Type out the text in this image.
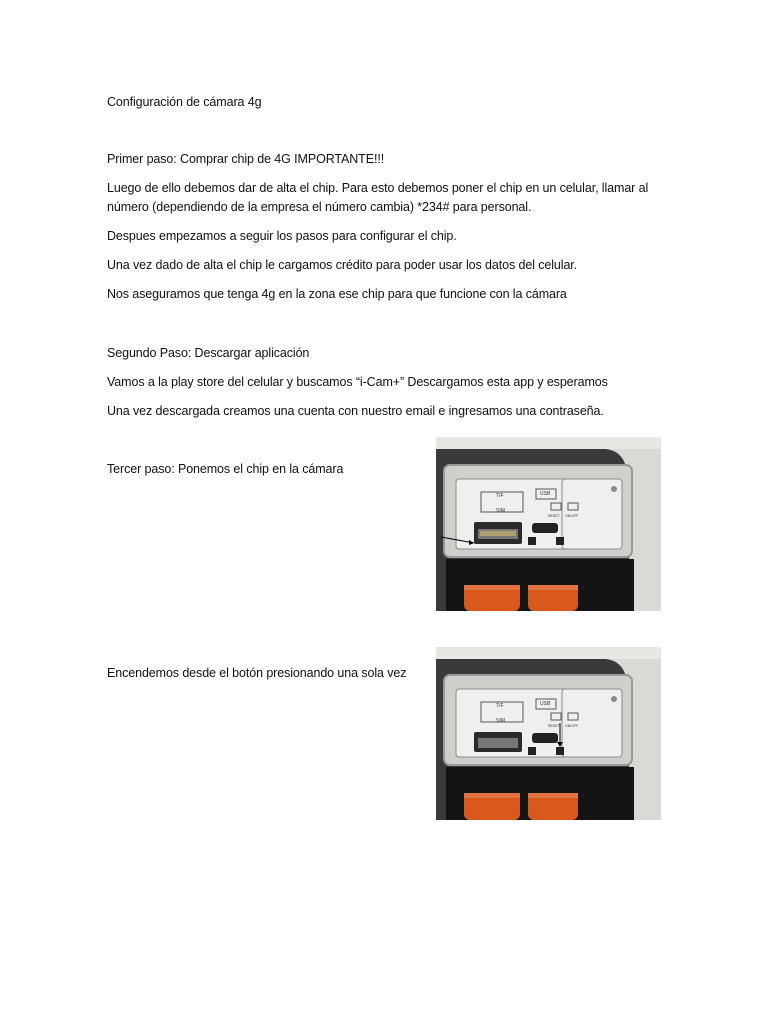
Configuración de cámara 4g

Primer paso: Comprar chip de 4G IMPORTANTE!!!

Luego de ello debemos dar de alta el chip. Para esto debemos poner el chip en un celular, llamar al número (dependiendo de la empresa el número cambia) *234# para personal.

Despues empezamos a seguir los pasos para configurar el chip.

Una vez dado de alta el chip le cargamos crédito para poder usar los datos del celular.

Nos aseguramos que tenga 4g en la zona ese chip para que funcione con la cámara

Segundo Paso: Descargar aplicación

Vamos a la play store del celular y buscamos “i-Cam+” Descargamos esta app y esperamos

Una vez descargada creamos una cuenta con nuestro email e ingresamos una contraseña.

Tercer paso: Ponemos el chip en la cámara

T/F
SIM
USB
RESET ON/OFF

Encendemos desde el botón presionando una sola vez

T/F
SIM
USB
RESET ON/OFF
